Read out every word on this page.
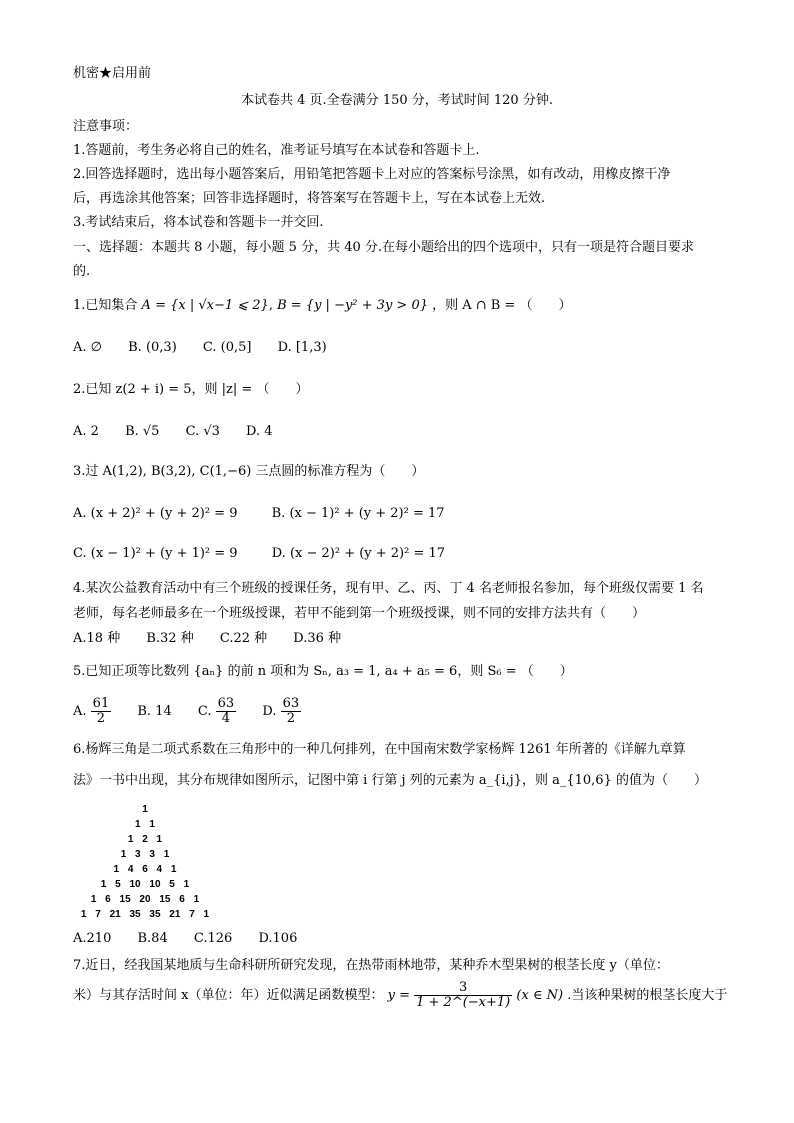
机密★启用前
本试卷共 4 页.全卷满分 150 分，考试时间 120 分钟.
注意事项：
1.答题前，考生务必将自己的姓名，准考证号填写在本试卷和答题卡上.
2.回答选择题时，选出每小题答案后，用铅笔把答题卡上对应的答案标号涂黑，如有改动，用橡皮擦干净
后，再选涂其他答案；回答非选择题时，将答案写在答题卡上，写在本试卷上无效.
3.考试结束后，将本试卷和答题卡一并交回.
一、选择题：本题共 8 小题，每小题 5 分，共 40 分.在每小题给出的四个选项中，只有一项是符合题目要求
的.
1.已知集合 A = {x | √x−1 ⩽ 2}, B = {y | −y² + 3y > 0} ，则 A ∩ B = （　　）
A. ∅ B. (0,3) C. (0,5] D. [1,3)
2.已知 z(2 + i) = 5，则 |z| = （　　）
A. 2 B. √5 C. √3 D. 4
3.过 A(1,2), B(3,2), C(1,−6) 三点圆的标准方程为（　　）
A. (x + 2)² + (y + 2)² = 9	B. (x − 1)² + (y + 2)² = 17
C. (x − 1)² + (y + 1)² = 9	D. (x − 2)² + (y + 2)² = 17
4.某次公益教育活动中有三个班级的授课任务，现有甲、乙、丙、丁 4 名老师报名参加，每个班级仅需要 1 名
老师，每名老师最多在一个班级授课，若甲不能到第一个班级授课，则不同的安排方法共有（　　）
A.18 种 B.32 种 C.22 种 D.36 种
5.已知正项等比数列 {aₙ} 的前 n 项和为 Sₙ, a₃ = 1, a₄ + a₅ = 6，则 S₆ = （　　）
A. $\frac{61}{2} B$. 14 C. $\frac{63}{4} D$. $\frac{63}{2}$
6.杨辉三角是二项式系数在三角形中的一种几何排列，在中国南宋数学家杨辉 1261 年所著的《详解九章算
法》一书中出现，其分布规律如图所示，记图中第 i 行第 j 列的元素为 a_{i,j}，则 a_{10,6} 的值为（　　）
1
1 1
1 2 1
1 3 3 1
1 4 6 4 1
1 5 10 10 5 1
1 6 15 20 15 6 1
1 7 21 35 35 21 7 1
A.210 B.84 C.126 D.106
7.近日，经我国某地质与生命科研所研究发现，在热带雨林地带，某种乔木型果树的根茎长度 y（单位：
米）与其存活时间 x（单位：年）近似满足函数模型： $y = \frac{3}{1 + 2\^{}(-x+1)} (x$ ∈ N) .当该种果树的根茎长度大于
